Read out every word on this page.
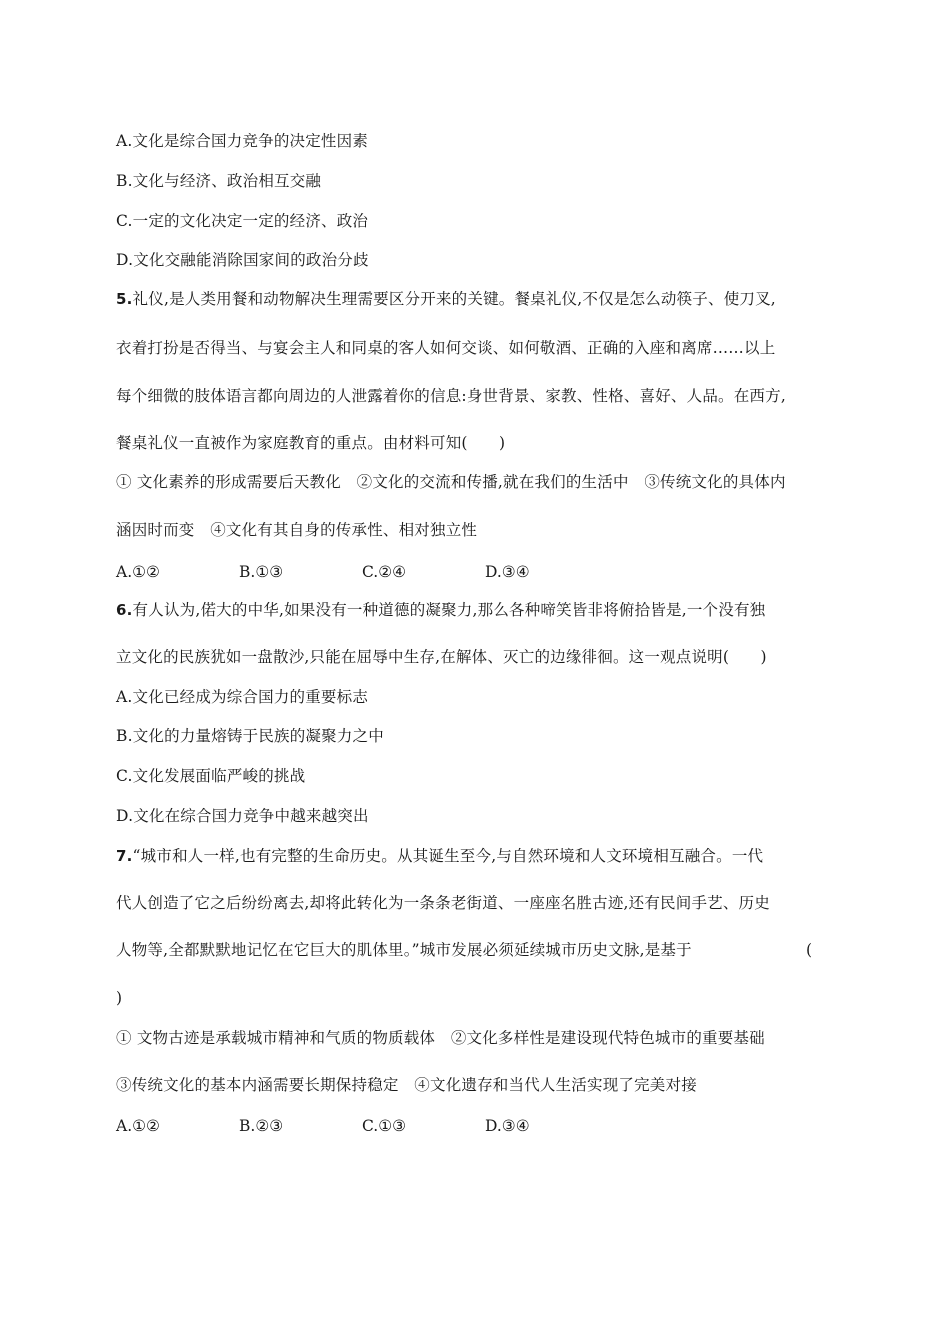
A.文化是综合国力竞争的决定性因素
B.文化与经济、政治相互交融
C.一定的文化决定一定的经济、政治
D.文化交融能消除国家间的政治分歧
5.礼仪,是人类用餐和动物解决生理需要区分开来的关键。餐桌礼仪,不仅是怎么动筷子、使刀叉,
衣着打扮是否得当、与宴会主人和同桌的客人如何交谈、如何敬酒、正确的入座和离席……以上
每个细微的肢体语言都向周边的人泄露着你的信息:身世背景、家教、性格、喜好、人品。在西方,
餐桌礼仪一直被作为家庭教育的重点。由材料可知(　　)
① 文化素养的形成需要后天教化　②文化的交流和传播,就在我们的生活中　③传统文化的具体内
涵因时而变　④文化有其自身的传承性、相对独立性
A.①②	B.①③	C.②④	D.③④
6.有人认为,偌大的中华,如果没有一种道德的凝聚力,那么各种啼笑皆非将俯拾皆是,一个没有独
立文化的民族犹如一盘散沙,只能在屈辱中生存,在解体、灭亡的边缘徘徊。这一观点说明(　　)
A.文化已经成为综合国力的重要标志
B.文化的力量熔铸于民族的凝聚力之中
C.文化发展面临严峻的挑战
D.文化在综合国力竞争中越来越突出
7.“城市和人一样,也有完整的生命历史。从其诞生至今,与自然环境和人文环境相互融合。一代
代人创造了它之后纷纷离去,却将此转化为一条条老街道、一座座名胜古迹,还有民间手艺、历史
人物等,全都默默地记忆在它巨大的肌体里。”城市发展必须延续城市历史文脉,是基于	(
)
① 文物古迹是承载城市精神和气质的物质载体　②文化多样性是建设现代特色城市的重要基础
③传统文化的基本内涵需要长期保持稳定　④文化遗存和当代人生活实现了完美对接
A.①②	B.②③	C.①③	D.③④
